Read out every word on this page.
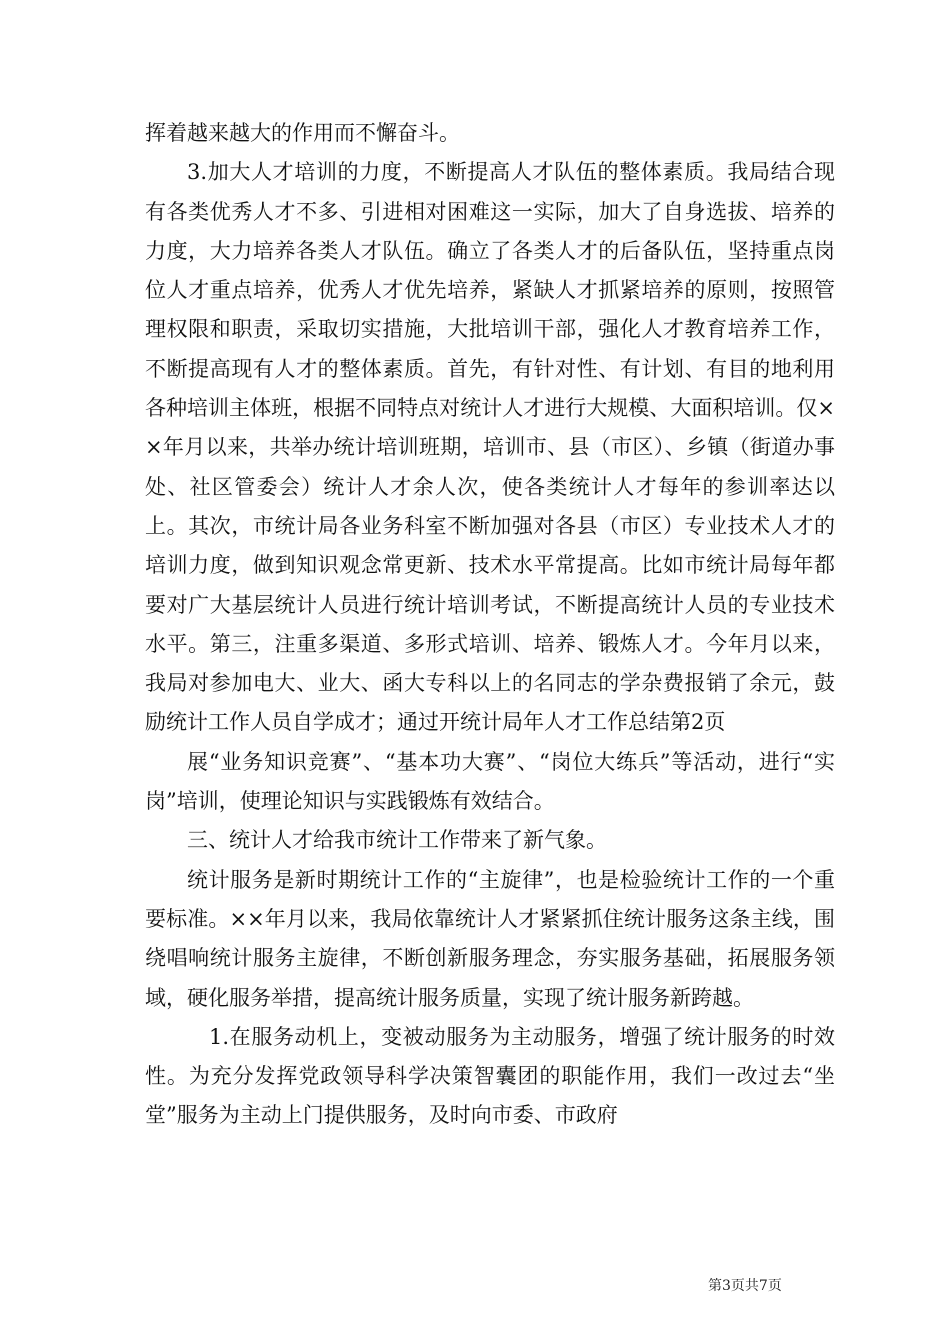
挥着越来越大的作用而不懈奋斗。

3.加大人才培训的力度，不断提高人才队伍的整体素质。我局结合现有各类优秀人才不多、引进相对困难这一实际，加大了自身选拔、培养的力度，大力培养各类人才队伍。确立了各类人才的后备队伍，坚持重点岗位人才重点培养，优秀人才优先培养，紧缺人才抓紧培养的原则，按照管理权限和职责，采取切实措施，大批培训干部，强化人才教育培养工作，不断提高现有人才的整体素质。首先，有针对性、有计划、有目的地利用各种培训主体班，根据不同特点对统计人才进行大规模、大面积培训。仅××年月以来，共举办统计培训班期，培训市、县（市区）、乡镇（街道办事处、社区管委会）统计人才余人次，使各类统计人才每年的参训率达以上。其次，市统计局各业务科室不断加强对各县（市区）专业技术人才的培训力度，做到知识观念常更新、技术水平常提高。比如市统计局每年都要对广大基层统计人员进行统计培训考试，不断提高统计人员的专业技术水平。第三，注重多渠道、多形式培训、培养、锻炼人才。今年月以来，我局对参加电大、业大、函大专科以上的名同志的学杂费报销了余元，鼓励统计工作人员自学成才；通过开统计局年人才工作总结第2页

展“业务知识竞赛”、“基本功大赛”、“岗位大练兵”等活动，进行“实岗”培训，使理论知识与实践锻炼有效结合。

三、统计人才给我市统计工作带来了新气象。

统计服务是新时期统计工作的“主旋律”，也是检验统计工作的一个重要标准。××年月以来，我局依靠统计人才紧紧抓住统计服务这条主线，围绕唱响统计服务主旋律，不断创新服务理念，夯实服务基础，拓展服务领域，硬化服务举措，提高统计服务质量，实现了统计服务新跨越。

1.在服务动机上，变被动服务为主动服务，增强了统计服务的时效性。为充分发挥党政领导科学决策智囊团的职能作用，我们一改过去“坐堂”服务为主动上门提供服务，及时向市委、市政府

第3页共7页
